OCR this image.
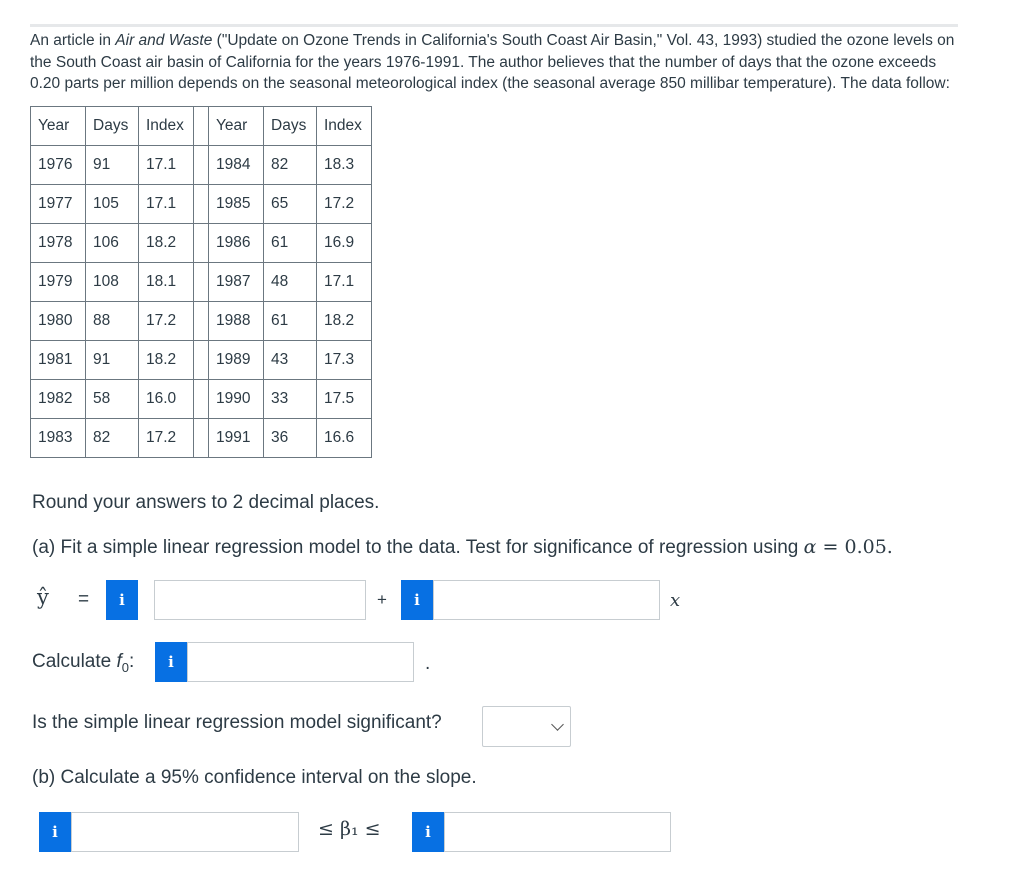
An article in Air and Waste ("Update on Ozone Trends in California's South Coast Air Basin," Vol. 43, 1993) studied the ozone levels on the South Coast air basin of California for the years 1976-1991. The author believes that the number of days that the ozone exceeds 0.20 parts per million depends on the seasonal meteorological index (the seasonal average 850 millibar temperature). The data follow:
Year	Days	Index		Year	Days	Index
1976	91	17.1		1984	82	18.3
1977	105	17.1		1985	65	17.2
1978	106	18.2		1986	61	16.9
1979	108	18.1		1987	48	17.1
1980	88	17.2		1988	61	18.2
1981	91	18.2		1989	43	17.3
1982	58	16.0		1990	33	17.5
1983	82	17.2		1991	36	16.6
Round your answers to 2 decimal places.
(a) Fit a simple linear regression model to the data. Test for significance of regression using α = 0.05.
ŷ =	i	+	i	x
Calculate $f_0$:	i	.
Is the simple linear regression model significant?
(b) Calculate a 95% confidence interval on the slope.
i	≤ β₁ ≤	i
